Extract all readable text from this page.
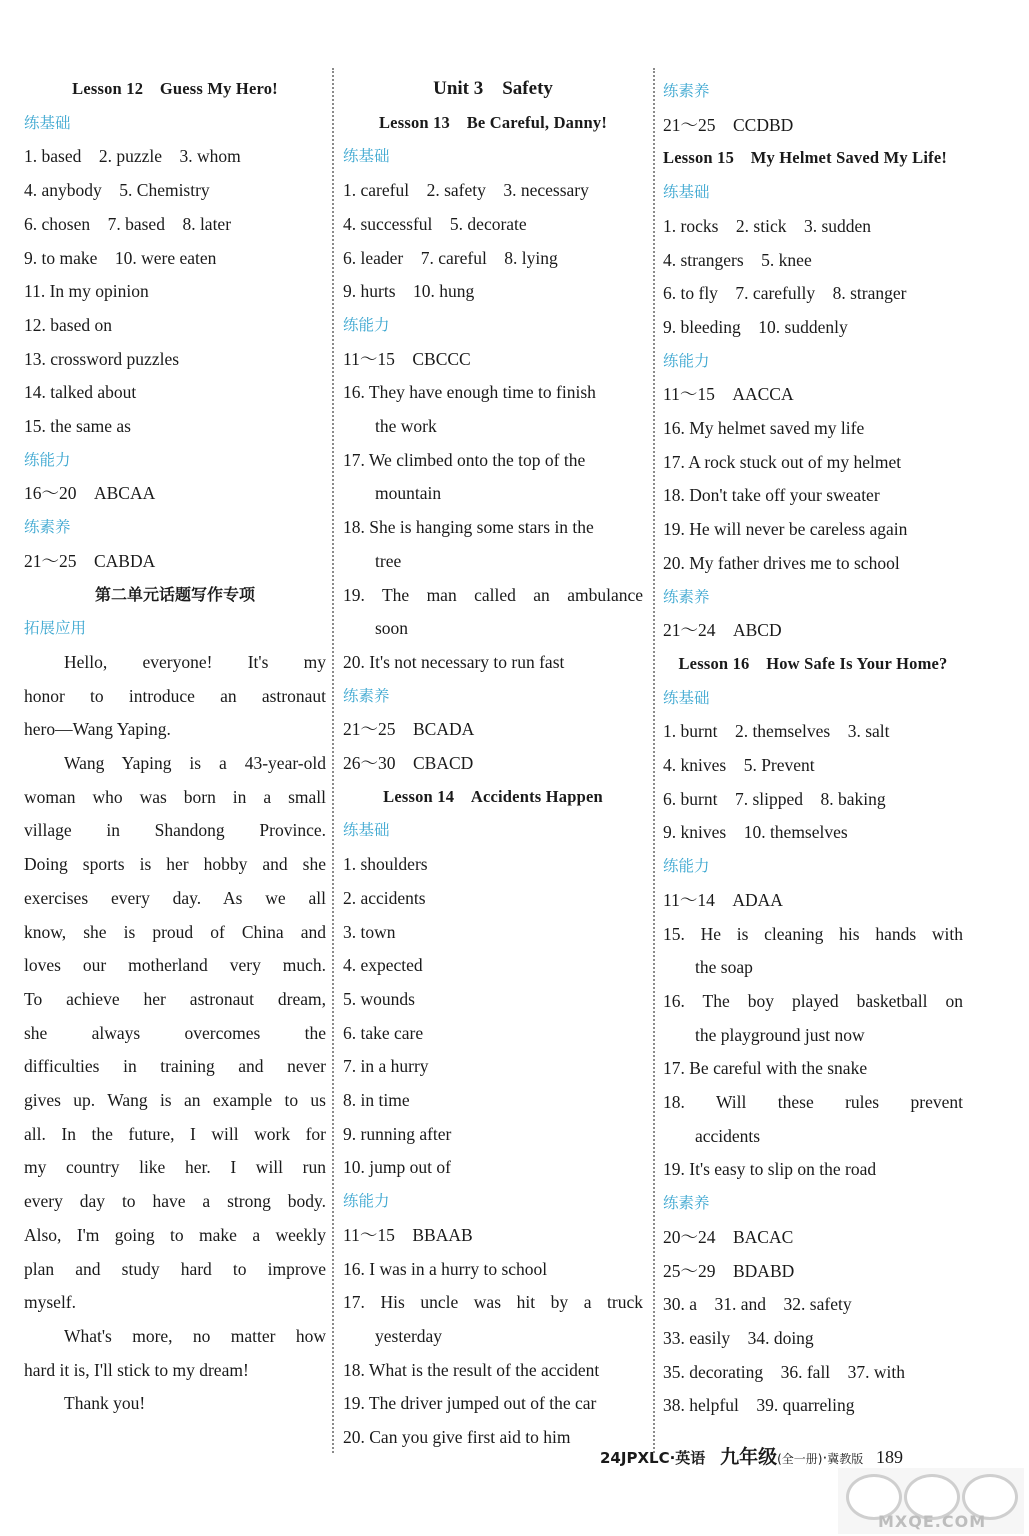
Lesson 12　Guess My Hero!
练基础
1. based　2. puzzle　3. whom
4. anybody　5. Chemistry
6. chosen　7. based　8. later
9. to make　10. were eaten
11. In my opinion
12. based on
13. crossword puzzles
14. talked about
15. the same as
练能力
16～20　ABCAA
练素养
21～25　CABDA
第二单元话题写作专项
拓展应用
Hello, everyone! It's my
honor to introduce an astronaut
hero—Wang Yaping.
Wang Yaping is a 43-year-old
woman who was born in a small
village in Shandong Province.
Doing sports is her hobby and she
exercises every day. As we all
know, she is proud of China and
loves our motherland very much.
To achieve her astronaut dream,
she always overcomes the
difficulties in training and never
gives up. Wang is an example to us
all. In the future, I will work for
my country like her. I will run
every day to have a strong body.
Also, I'm going to make a weekly
plan and study hard to improve
myself.
What's more, no matter how
hard it is, I'll stick to my dream!
Thank you!
Unit 3　Safety
Lesson 13　Be Careful, Danny!
练基础
1. careful　2. safety　3. necessary
4. successful　5. decorate
6. leader　7. careful　8. lying
9. hurts　10. hung
练能力
11～15　CBCCC
16. They have enough time to finish
the work
17. We climbed onto the top of the
mountain
18. She is hanging some stars in the
tree
19. The man called an ambulance
soon
20. It's not necessary to run fast
练素养
21～25　BCADA
26～30　CBACD
Lesson 14　Accidents Happen
练基础
1. shoulders
2. accidents
3. town
4. expected
5. wounds
6. take care
7. in a hurry
8. in time
9. running after
10. jump out of
练能力
11～15　BBAAB
16. I was in a hurry to school
17. His uncle was hit by a truck
yesterday
18. What is the result of the accident
19. The driver jumped out of the car
20. Can you give first aid to him
练素养
21～25　CCDBD
Lesson 15　My Helmet Saved My Life!
练基础
1. rocks　2. stick　3. sudden
4. strangers　5. knee
6. to fly　7. carefully　8. stranger
9. bleeding　10. suddenly
练能力
11～15　AACCA
16. My helmet saved my life
17. A rock stuck out of my helmet
18. Don't take off your sweater
19. He will never be careless again
20. My father drives me to school
练素养
21～24　ABCD
Lesson 16　How Safe Is Your Home?
练基础
1. burnt　2. themselves　3. salt
4. knives　5. Prevent
6. burnt　7. slipped　8. baking
9. knives　10. themselves
练能力
11～14　ADAA
15. He is cleaning his hands with
the soap
16. The boy played basketball on
the playground just now
17. Be careful with the snake
18. Will these rules prevent
accidents
19. It's easy to slip on the road
练素养
20～24　BACAC
25～29　BDABD
30. a　31. and　32. safety
33. easily　34. doing
35. decorating　36. fall　37. with
38. helpful　39. quarreling
24JPXLC·英语 九年级(全一册)·冀教版 189
MXQE.COM
